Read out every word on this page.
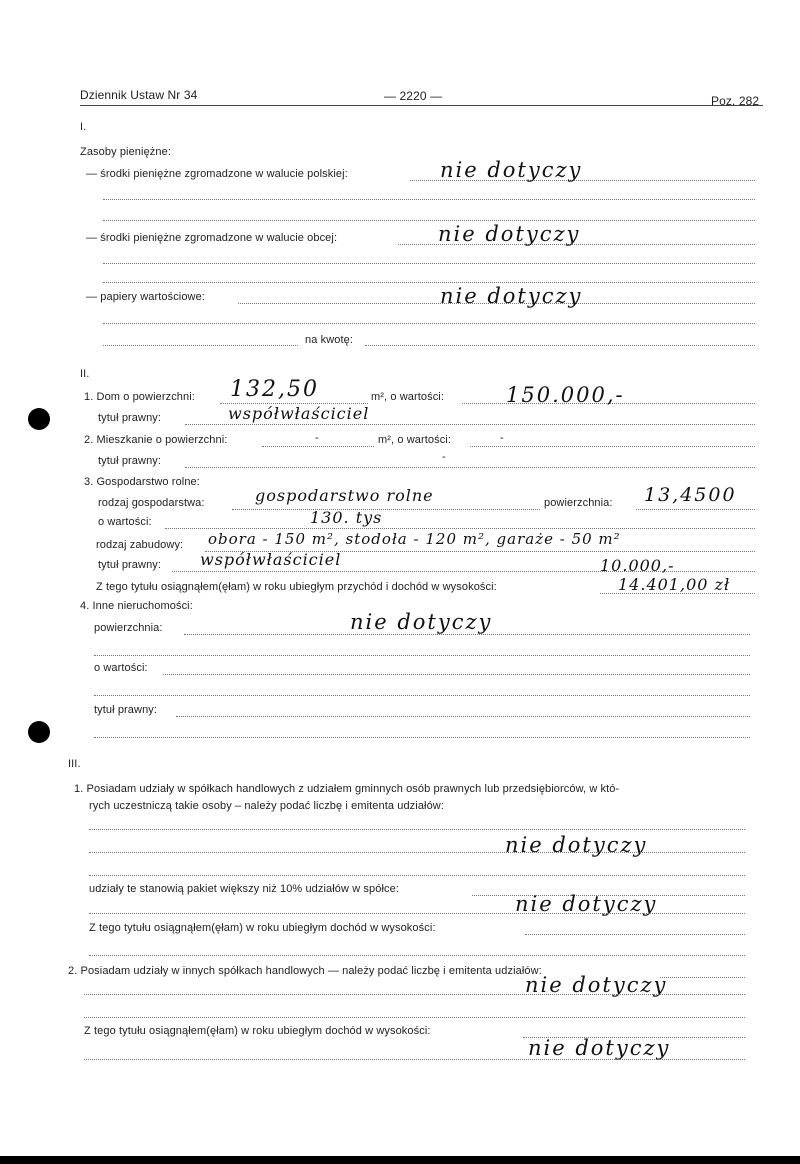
Dziennik Ustaw Nr 34	— 2220 —	Poz. 282
I.
Zasoby pieniężne:
— środki pieniężne zgromadzone w walucie polskiej:	nie dotyczy
— środki pieniężne zgromadzone w walucie obcej:	nie dotyczy
— papiery wartościowe:	nie dotyczy
na kwotę:
II.
1. Dom o powierzchni: 132,50	m², o wartości:	150.000,-
tytuł prawny:	współwłaściciel
2. Mieszkanie o powierzchni:	-	m², o wartości:	-
tytuł prawny:	-
3. Gospodarstwo rolne:
rodzaj gospodarstwa:	gospodarstwo rolne	powierzchnia: 13,4500
o wartości:	130. tys
rodzaj zabudowy: obora - 150 m², stodoła - 120 m², garaże - 50 m²
tytuł prawny: współwłaściciel	10.000,-
Z tego tytułu osiągnąłem(ęłam) w roku ubiegłym przychód i dochód w wysokości:	14.401,00 zł
4. Inne nieruchomości:
powierzchnia:	nie dotyczy
o wartości:
tytuł prawny:
III.
1. Posiadam udziały w spółkach handlowych z udziałem gminnych osób prawnych lub przedsiębiorców, w któ-
rych uczestniczą takie osoby – należy podać liczbę i emitenta udziałów:
nie dotyczy
udziały te stanowią pakiet większy niż 10% udziałów w spółce:
nie dotyczy
Z tego tytułu osiągnąłem(ęłam) w roku ubiegłym dochód w wysokości:
2. Posiadam udziały w innych spółkach handlowych — należy podać liczbę i emitenta udziałów:
nie dotyczy
Z tego tytułu osiągnąłem(ęłam) w roku ubiegłym dochód w wysokości:
nie dotyczy
